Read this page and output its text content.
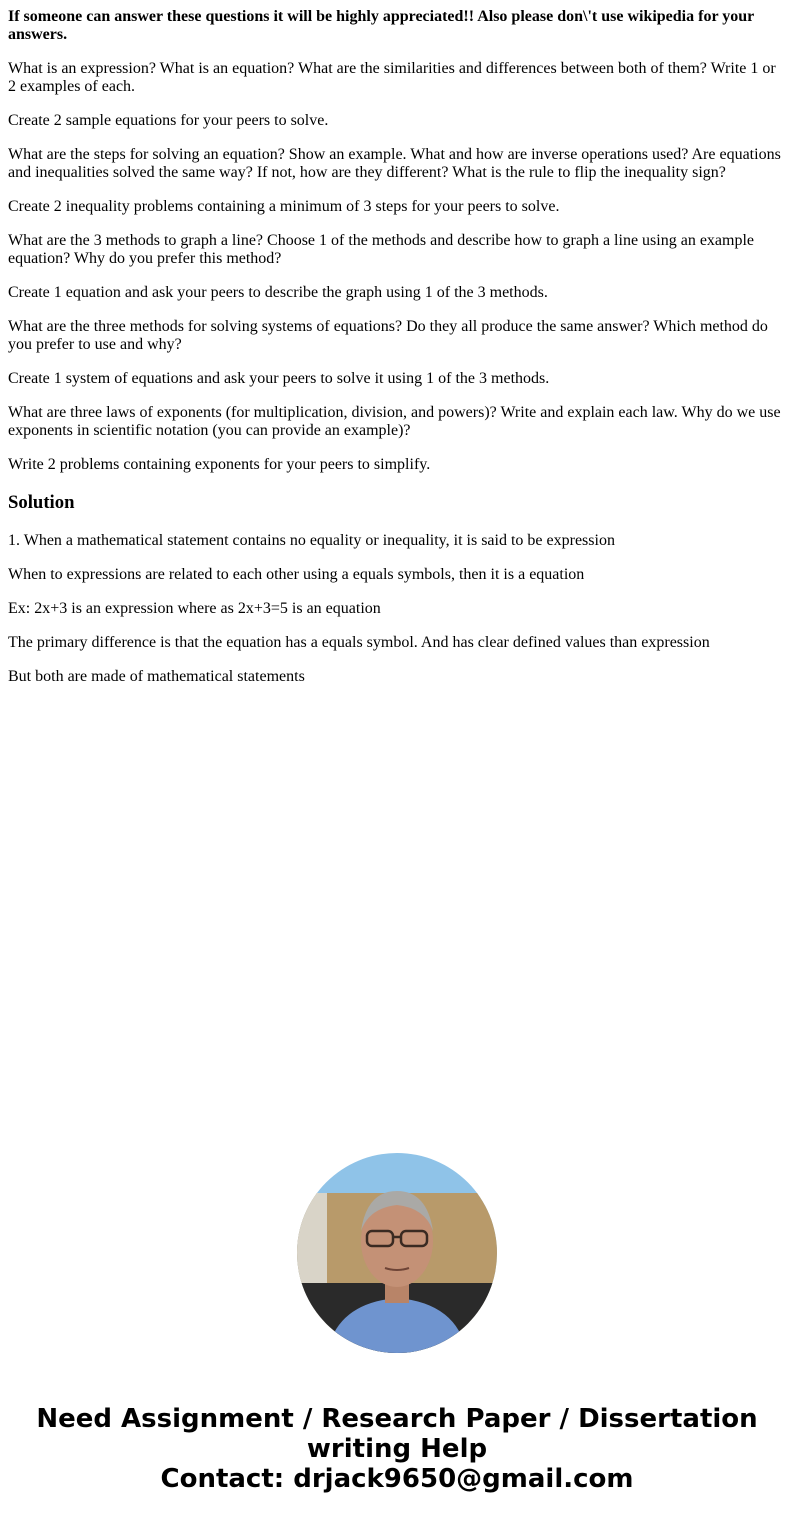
If someone can answer these questions it will be highly appreciated!! Also please don\'t use wikipedia for your answers.

What is an expression? What is an equation? What are the similarities and differences between both of them? Write 1 or 2 examples of each.

Create 2 sample equations for your peers to solve.

What are the steps for solving an equation? Show an example. What and how are inverse operations used? Are equations and inequalities solved the same way? If not, how are they different? What is the rule to flip the inequality sign?

Create 2 inequality problems containing a minimum of 3 steps for your peers to solve.

What are the 3 methods to graph a line? Choose 1 of the methods and describe how to graph a line using an example equation? Why do you prefer this method?

Create 1 equation and ask your peers to describe the graph using 1 of the 3 methods.

What are the three methods for solving systems of equations? Do they all produce the same answer? Which method do you prefer to use and why?

Create 1 system of equations and ask your peers to solve it using 1 of the 3 methods.

What are three laws of exponents (for multiplication, division, and powers)? Write and explain each law. Why do we use exponents in scientific notation (you can provide an example)?

Write 2 problems containing exponents for your peers to simplify.

Solution

1. When a mathematical statement contains no equality or inequality, it is said to be expression

When to expressions are related to each other using a equals symbols, then it is a equation

Ex: 2x+3 is an expression where as 2x+3=5 is an equation

The primary difference is that the equation has a equals symbol. And has clear defined values than expression

But both are made of mathematical statements

Need Assignment / Research Paper / Dissertation writing Help
Contact: drjack9650@gmail.com
